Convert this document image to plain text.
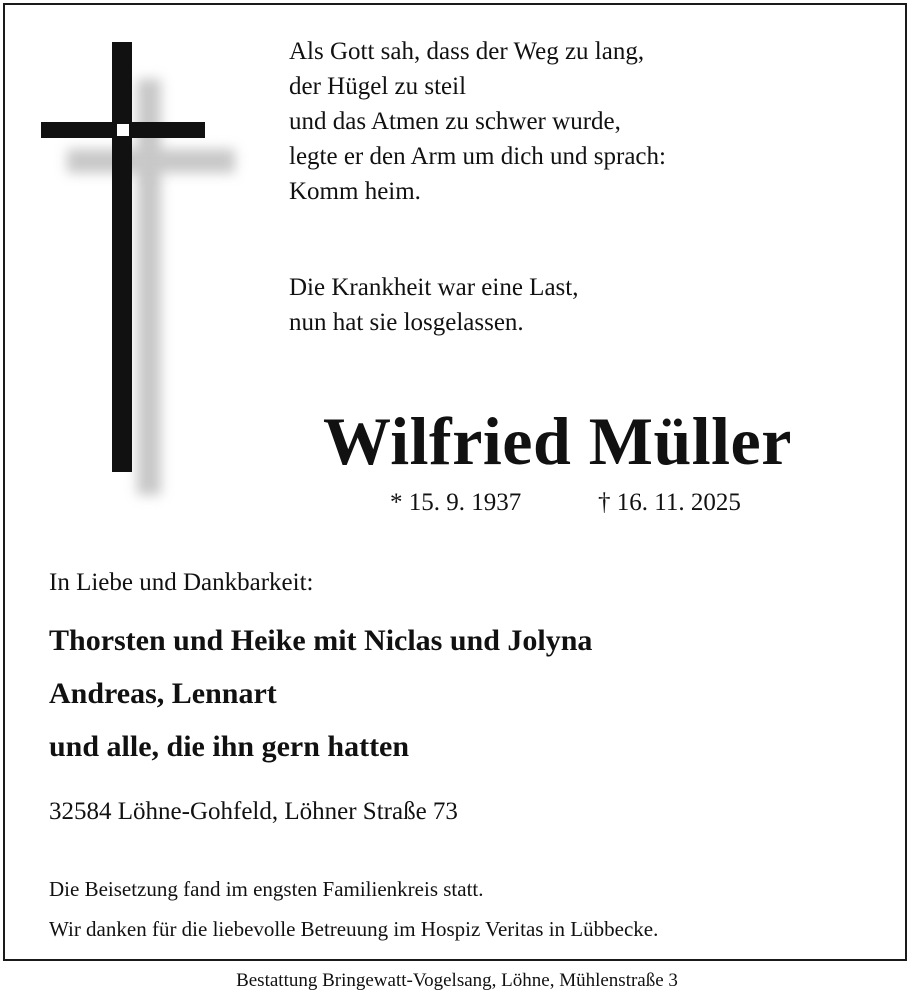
Als Gott sah, dass der Weg zu lang,
der Hügel zu steil
und das Atmen zu schwer wurde,
legte er den Arm um dich und sprach:
Komm heim.
Die Krankheit war eine Last,
nun hat sie losgelassen.
Wilfried Müller
* 15. 9. 1937	† 16. 11. 2025
In Liebe und Dankbarkeit:
Thorsten und Heike mit Niclas und Jolyna
Andreas, Lennart
und alle, die ihn gern hatten
32584 Löhne-Gohfeld, Löhner Straße 73
Die Beisetzung fand im engsten Familienkreis statt.
Wir danken für die liebevolle Betreuung im Hospiz Veritas in Lübbecke.
Bestattung Bringewatt-Vogelsang, Löhne, Mühlenstraße 3
